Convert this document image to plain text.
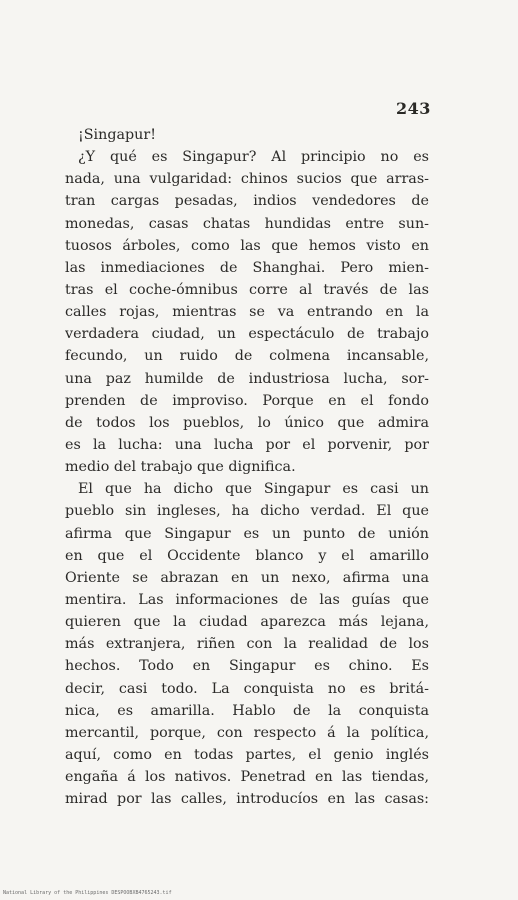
243
¡Singapur!
¿Y qué es Singapur? Al principio no es
nada, una vulgaridad: chinos sucios que arras-
tran cargas pesadas, indios vendedores de
monedas, casas chatas hundidas entre sun-
tuosos árboles, como las que hemos visto en
las inmediaciones de Shanghai. Pero mien-
tras el coche-ómnibus corre al través de las
calles rojas, mientras se va entrando en la
verdadera ciudad, un espectáculo de trabajo
fecundo, un ruido de colmena incansable,
una paz humilde de industriosa lucha, sor-
prenden de improviso. Porque en el fondo
de todos los pueblos, lo único que admira
es la lucha: una lucha por el porvenir, por
medio del trabajo que dignifica.
El que ha dicho que Singapur es casi un
pueblo sin ingleses, ha dicho verdad. El que
afirma que Singapur es un punto de unión
en que el Occidente blanco y el amarillo
Oriente se abrazan en un nexo, afirma una
mentira. Las informaciones de las guías que
quieren que la ciudad aparezca más lejana,
más extranjera, riñen con la realidad de los
hechos. Todo en Singapur es chino. Es
decir, casi todo. La conquista no es britá-
nica, es amarilla. Hablo de la conquista
mercantil, porque, con respecto á la política,
aquí, como en todas partes, el genio inglés
engaña á los nativos. Penetrad en las tiendas,
mirad por las calles, introducíos en las casas:
National Library of the Philippines DESPOOBXB4765243.tif
